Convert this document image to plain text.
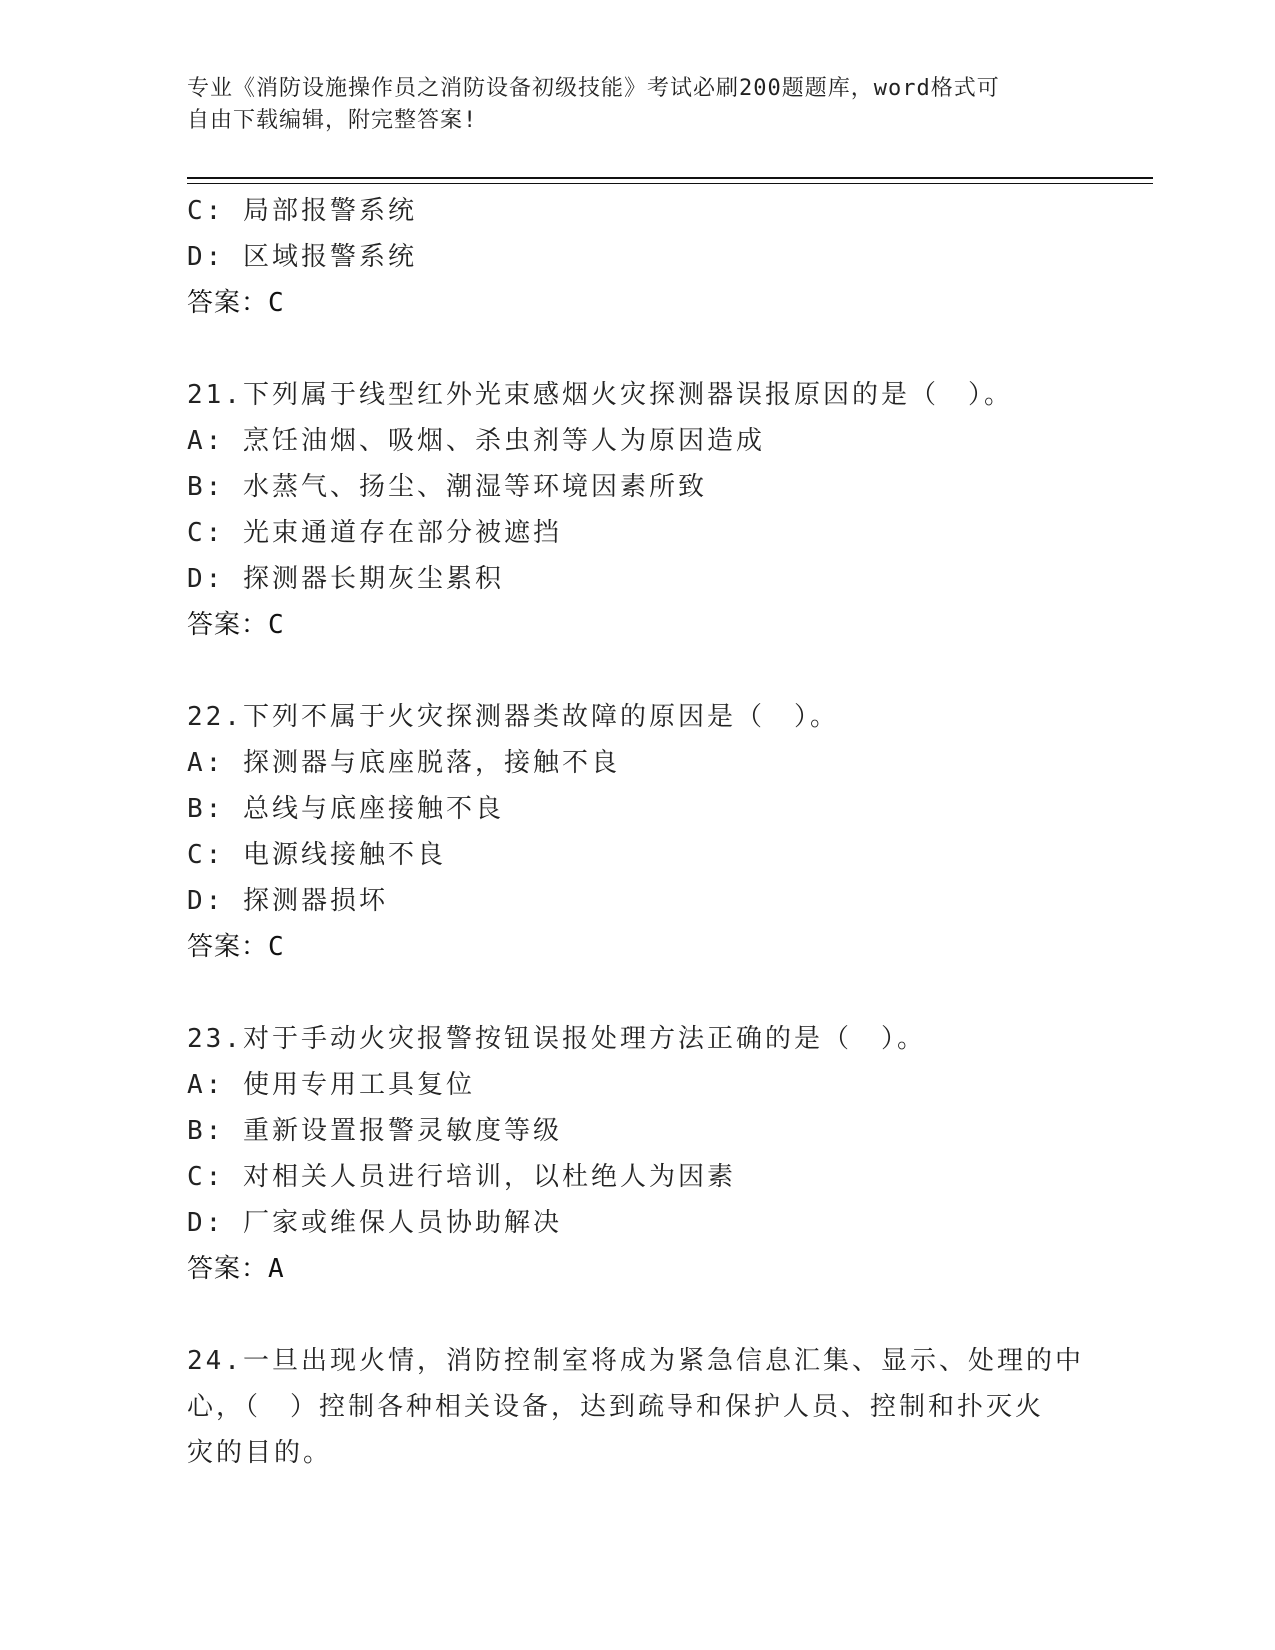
专业《消防设施操作员之消防设备初级技能》考试必刷200题题库，word格式可
自由下载编辑，附完整答案!
C: 局部报警系统
D: 区域报警系统
答案：C
21.下列属于线型红外光束感烟火灾探测器误报原因的是（　）。
A: 烹饪油烟、吸烟、杀虫剂等人为原因造成
B: 水蒸气、扬尘、潮湿等环境因素所致
C: 光束通道存在部分被遮挡
D: 探测器长期灰尘累积
答案：C
22.下列不属于火灾探测器类故障的原因是（　）。
A: 探测器与底座脱落，接触不良
B: 总线与底座接触不良
C: 电源线接触不良
D: 探测器损坏
答案：C
23.对于手动火灾报警按钮误报处理方法正确的是（　）。
A: 使用专用工具复位
B: 重新设置报警灵敏度等级
C: 对相关人员进行培训，以杜绝人为因素
D: 厂家或维保人员协助解决
答案：A
24.一旦出现火情，消防控制室将成为紧急信息汇集、显示、处理的中
心，（　）控制各种相关设备，达到疏导和保护人员、控制和扑灭火
灾的目的。
